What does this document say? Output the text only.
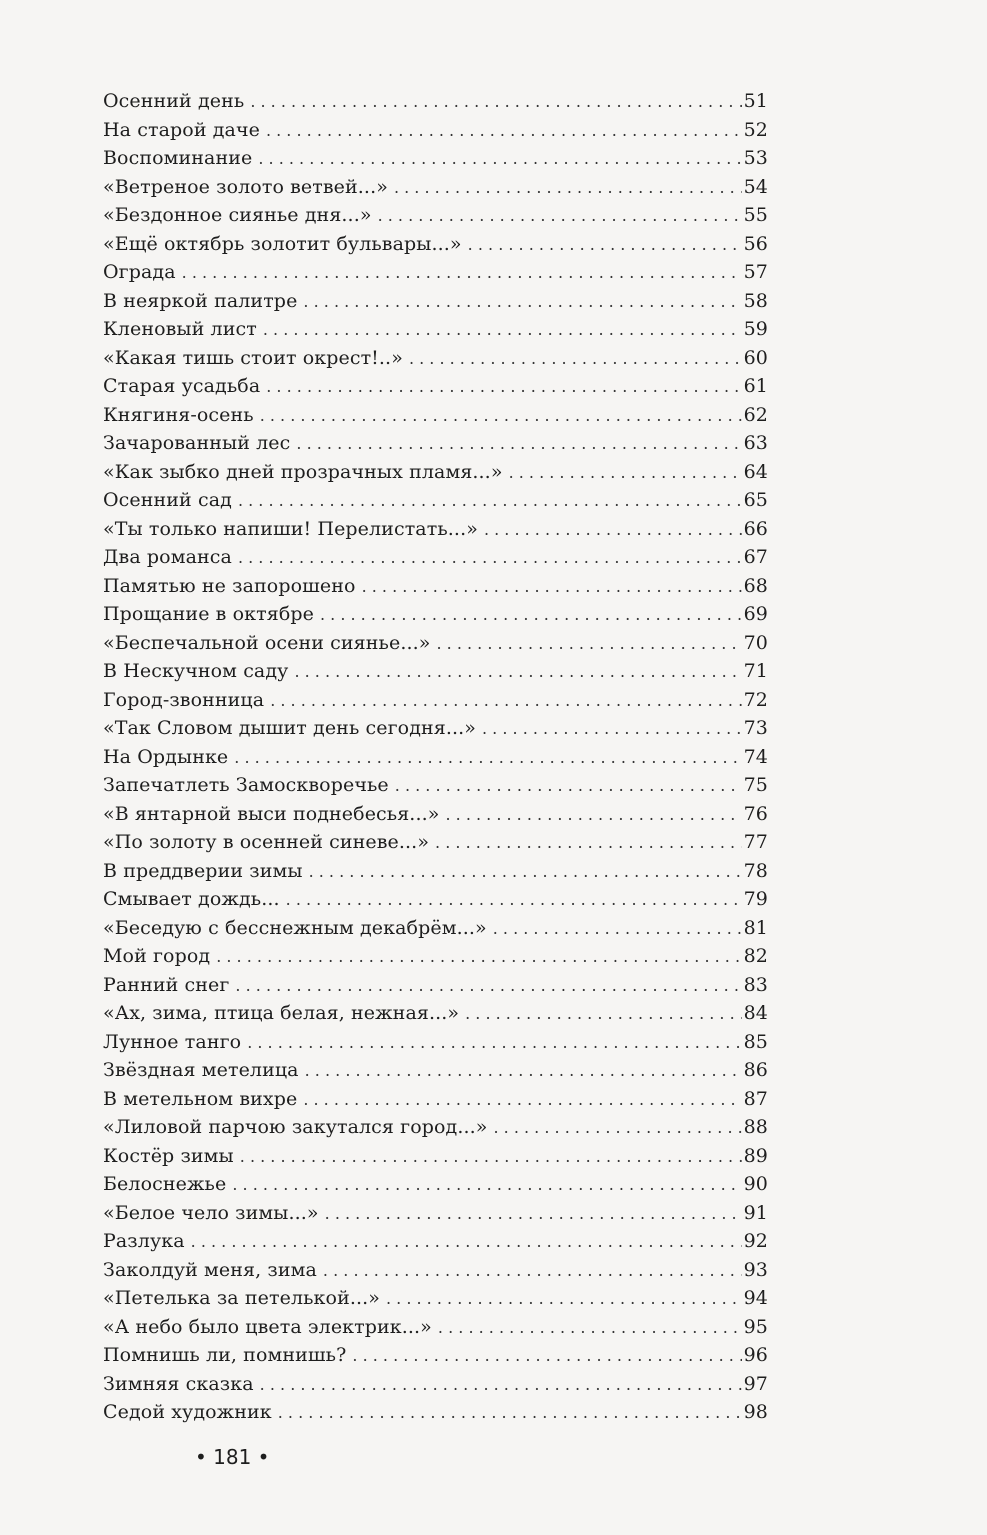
Осенний день . . .	51
На старой даче . . .	52
Воспоминание . . .	53
«Ветреное золото ветвей...» . . .	54
«Бездонное сиянье дня...» . . .	55
«Ещё октябрь золотит бульвары...» . . .	56
Ограда . . .	57
В неяркой палитре . . .	58
Кленовый лист . . .	59
«Какая тишь стоит окрест!..» . . .	60
Старая усадьба . . .	61
Княгиня-осень . . .	62
Зачарованный лес . . .	63
«Как зыбко дней прозрачных пламя...» . . .	64
Осенний сад . . .	65
«Ты только напиши! Перелистать...» . . .	66
Два романса . . .	67
Памятью не запорошено . . .	68
Прощание в октябре . . .	69
«Беспечальной осени сиянье...» . . .	70
В Нескучном саду . . .	71
Город-звонница . . .	72
«Так Словом дышит день сегодня...» . . .	73
На Ордынке . . .	74
Запечатлеть Замоскворечье . . .	75
«В янтарной выси поднебесья...» . . .	76
«По золоту в осенней синеве...» . . .	77
В преддверии зимы . . .	78
Смывает дождь... . . .	79
«Беседую с бесснежным декабрём...» . . .	81
Мой город . . .	82
Ранний снег . . .	83
«Ах, зима, птица белая, нежная...» . . .	84
Лунное танго . . .	85
Звёздная метелица . . .	86
В метельном вихре . . .	87
«Лиловой парчою закутался город...» . . .	88
Костёр зимы . . .	89
Белоснежье . . .	90
«Белое чело зимы...» . . .	91
Разлука . . .	92
Заколдуй меня, зима . . .	93
«Петелька за петелькой...» . . .	94
«А небо было цвета электрик...» . . .	95
Помнишь ли, помнишь? . . .	96
Зимняя сказка . . .	97
Седой художник . . .	98
• 181 •
